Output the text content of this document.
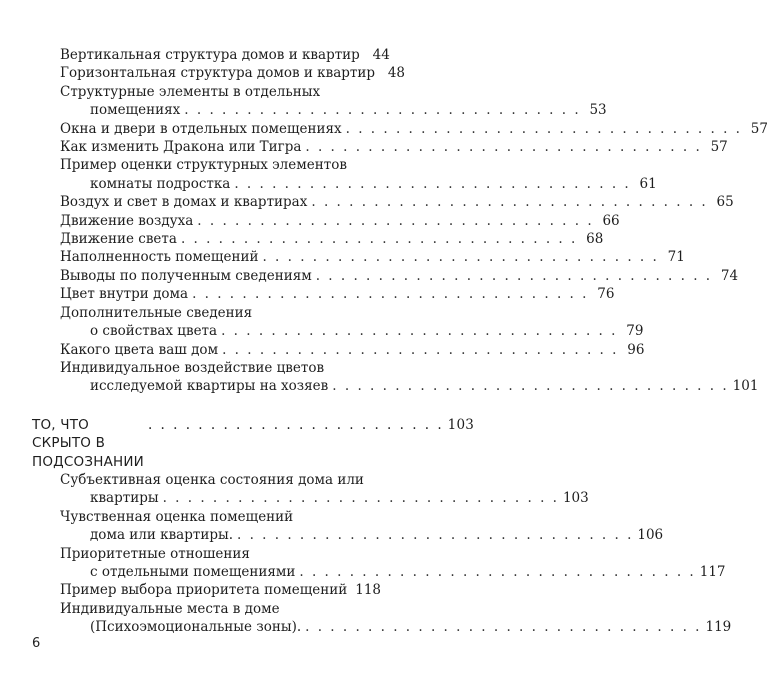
Вертикальная структура домов и квартир 44
Горизонтальная структура домов и квартир 48
Структурные элементы в отдельных
помещениях . . . . . . . . . . . . . . . . . . . . . . . . . . . . . . . . 53
Окна и двери в отдельных помещениях . . . . . . . . . . . . . . . . . . . . . . . . . . . . . . . . 57
Как изменить Дракона или Тигра . . . . . . . . . . . . . . . . . . . . . . . . . . . . . . . . 57
Пример оценки структурных элементов
комнаты подростка . . . . . . . . . . . . . . . . . . . . . . . . . . . . . . . . 61
Воздух и свет в домах и квартирах . . . . . . . . . . . . . . . . . . . . . . . . . . . . . . . . 65
Движение воздуха . . . . . . . . . . . . . . . . . . . . . . . . . . . . . . . . 66
Движение света . . . . . . . . . . . . . . . . . . . . . . . . . . . . . . . . 68
Наполненность помещений . . . . . . . . . . . . . . . . . . . . . . . . . . . . . . . . 71
Выводы по полученным сведениям . . . . . . . . . . . . . . . . . . . . . . . . . . . . . . . . 74
Цвет внутри дома . . . . . . . . . . . . . . . . . . . . . . . . . . . . . . . . 76
Дополнительные сведения
о свойствах цвета . . . . . . . . . . . . . . . . . . . . . . . . . . . . . . . . 79
Какого цвета ваш дом . . . . . . . . . . . . . . . . . . . . . . . . . . . . . . . . 96
Индивидуальное воздействие цветов
исследуемой квартиры на хозяев . . . . . . . . . . . . . . . . . . . . . . . . . . . . . . . . 101
ТО, ЧТО СКРЫТО В ПОДСОЗНАНИИ
. . . . . . . . . . . . . . . . . . . . . . . . 103
Субъективная оценка состояния дома или
квартиры . . . . . . . . . . . . . . . . . . . . . . . . . . . . . . . . 103
Чувственная оценка помещений
дома или квартиры. . . . . . . . . . . . . . . . . . . . . . . . . . . . . . . . . 106
Приоритетные отношения
с отдельными помещениями . . . . . . . . . . . . . . . . . . . . . . . . . . . . . . . . 117
Пример выбора приоритета помещений 118
Индивидуальные места в доме
(Психоэмоциональные зоны). . . . . . . . . . . . . . . . . . . . . . . . . . . . . . . . . 119
6
